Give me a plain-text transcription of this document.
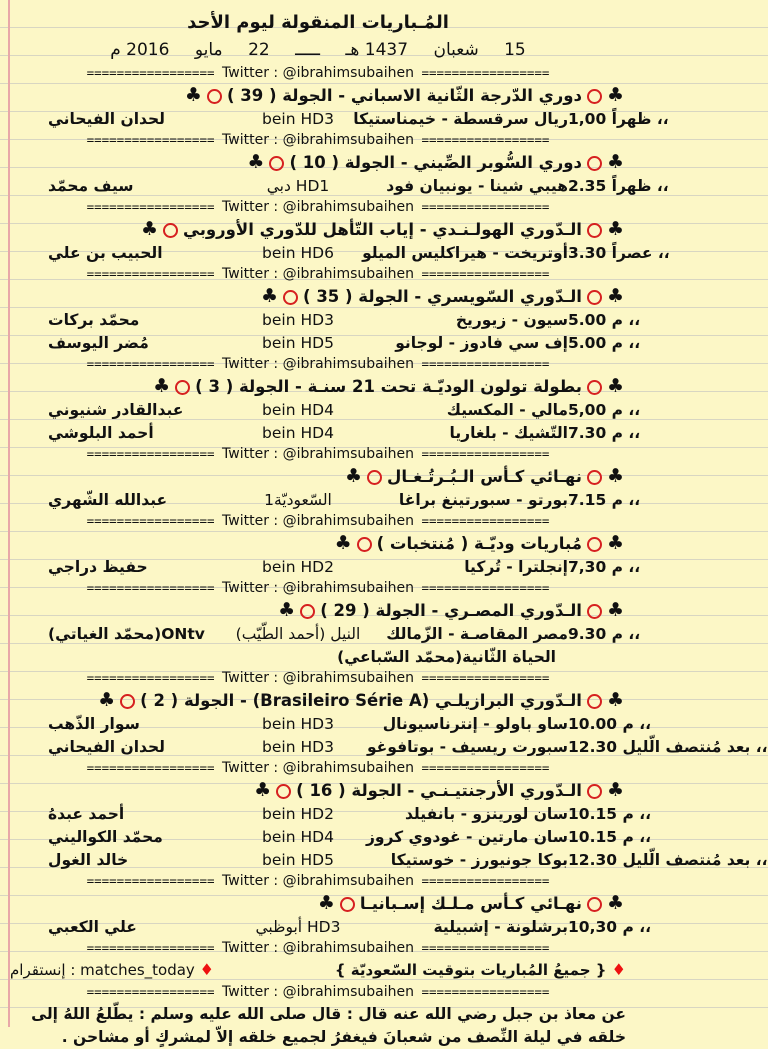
المُـباريات المنقولة ليوم الأحد
15 شعبان 1437 هـ ـــــ 22 مايو 2016 م
================= Twitter : @ibrahimsubaihen =================
♣دوري الدّرجة الثّانية الاسباني - الجولة ( 39 )♣
1,00 ظهراً ،،
ريال سرقسطة - خيمناستيكا
bein HD3
لحدان الفيحاني
================= Twitter : @ibrahimsubaihen =================
♣دوري السُّوبر الصِّيني - الجولة ( 10 )♣
2.35 ظهراً ،،
هيبي شينا - يونبيان فود
دبي HD1
سيف محمّد
================= Twitter : @ibrahimsubaihen =================
♣الـدّوري الهولـنـدي - إياب التّأهل للدّوري الأوروبي♣
3.30 عصراً ،،
أوتريخت - هيراكليس الميلو
bein HD6
الحبيب بن علي
================= Twitter : @ibrahimsubaihen =================
♣الـدّوري السّويسري - الجولة ( 35 )♣
5.00 م ،،
سيون - زيوريخ
bein HD3
محمّد بركات
5.00 م ،،
إف سي فادوز - لوجانو
bein HD5
مُضر اليوسف
================= Twitter : @ibrahimsubaihen =================
♣بطولة تولون الوديّـة تحت 21 سنـة - الجولة ( 3 )♣
5,00 م ،،
مالي - المكسيك
bein HD4
عبدالقادر شنيوني
7.30 م ،،
التّشيك - بلغاريا
bein HD4
أحمد البلوشي
================= Twitter : @ibrahimsubaihen =================
♣نهـائي كـأس الـبُـرتُـغـال♣
7.15 م ،،
بورتو - سبورتينغ براغا
السّعوديّة1
عبدالله الشّهري
================= Twitter : @ibrahimsubaihen =================
♣مُباريات وديّـة ( مُنتخبات )♣
7,30 م ،،
إنجلترا - تُركيا
bein HD2
حفيظ دراجي
================= Twitter : @ibrahimsubaihen =================
♣الـدّوري المصـري - الجولة ( 29 )♣
9.30 م ،،
مصر المقاصـة - الزّمالك
النيل (أحمد الطّيّب)
ONtv(محمّد الغياتي)
الحياة الثّانية(محمّد السّباعي)
================= Twitter : @ibrahimsubaihen =================
♣الـدّوري البرازيلـي (Brasileiro Série A) - الجولة ( 2 )♣
10.00 م ،،
ساو باولو - إنترناسيونال
bein HD3
سوار الذّهب
12.30 بعد مُنتصف الّليل ،،
سبورت ريسيف - بوتافوغو
bein HD3
لحدان الفيحاني
================= Twitter : @ibrahimsubaihen =================
♣الـدّوري الأرجنتيـنـي - الجولة ( 16 )♣
10.15 م ،،
سان لورينزو - بانفيلد
bein HD2
أحمد عبدهُ
10.15 م ،،
سان مارتين - غودوي كروز
bein HD4
محمّد الكواليني
12.30 بعد مُنتصف الّليل ،،
بوكا جونيورز - خوستيكا
bein HD5
خالد الغول
================= Twitter : @ibrahimsubaihen =================
♣نهـائي كـأس مـلـك إسـبانيـا♣
10,30 م ،،
برشلونة - إشبيلية
أبوظبي HD3
علي الكعبي
================= Twitter : @ibrahimsubaihen =================
♦ { جميعُ المُباريات بتوقيت السّعوديّة }
إنستقرام : matches_today ♦
================= Twitter : @ibrahimsubaihen =================
عن معاذ بن جبل رضي الله عنه قال : قال صلى الله عليه وسلم : يطّلعُ اللهُ إلى خلقه في ليلة النِّصف من شعبانَ فيغفرُ لجميع خلقه إلاّ لمشركٍ أو مشاحن .
